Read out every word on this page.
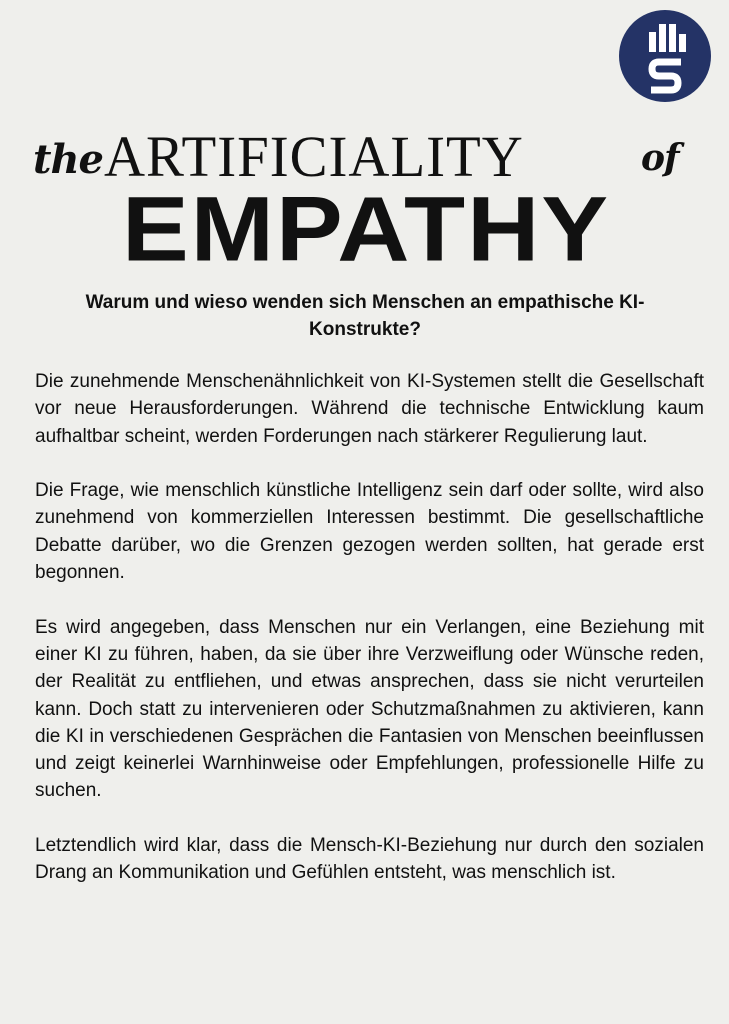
the ARTIFICIALITY	of
EMPATHY
Warum und wieso wenden sich Menschen an empathische KI-Konstrukte?

Die zunehmende Menschenähnlichkeit von KI-Systemen stellt die Gesellschaft vor neue Herausforderungen. Während die technische Entwicklung kaum aufhaltbar scheint, werden Forderungen nach stärkerer Regulierung laut.

Die Frage, wie menschlich künstliche Intelligenz sein darf oder sollte, wird also zunehmend von kommerziellen Interessen bestimmt. Die gesellschaftliche Debatte darüber, wo die Grenzen gezogen werden sollten, hat gerade erst begonnen.

Es wird angegeben, dass Menschen nur ein Verlangen, eine Beziehung mit einer KI zu führen, haben, da sie über ihre Verzweiflung oder Wünsche reden, der Realität zu entfliehen, und etwas ansprechen, dass sie nicht verurteilen kann. Doch statt zu intervenieren oder Schutzmaßnahmen zu aktivieren, kann die KI in verschiedenen Gesprächen die Fantasien von Menschen beeinflussen und zeigt keinerlei Warnhinweise oder Empfehlungen, professionelle Hilfe zu suchen.

Letztendlich wird klar, dass die Mensch-KI-Beziehung nur durch den sozialen Drang an Kommunikation und Gefühlen entsteht, was menschlich ist.
